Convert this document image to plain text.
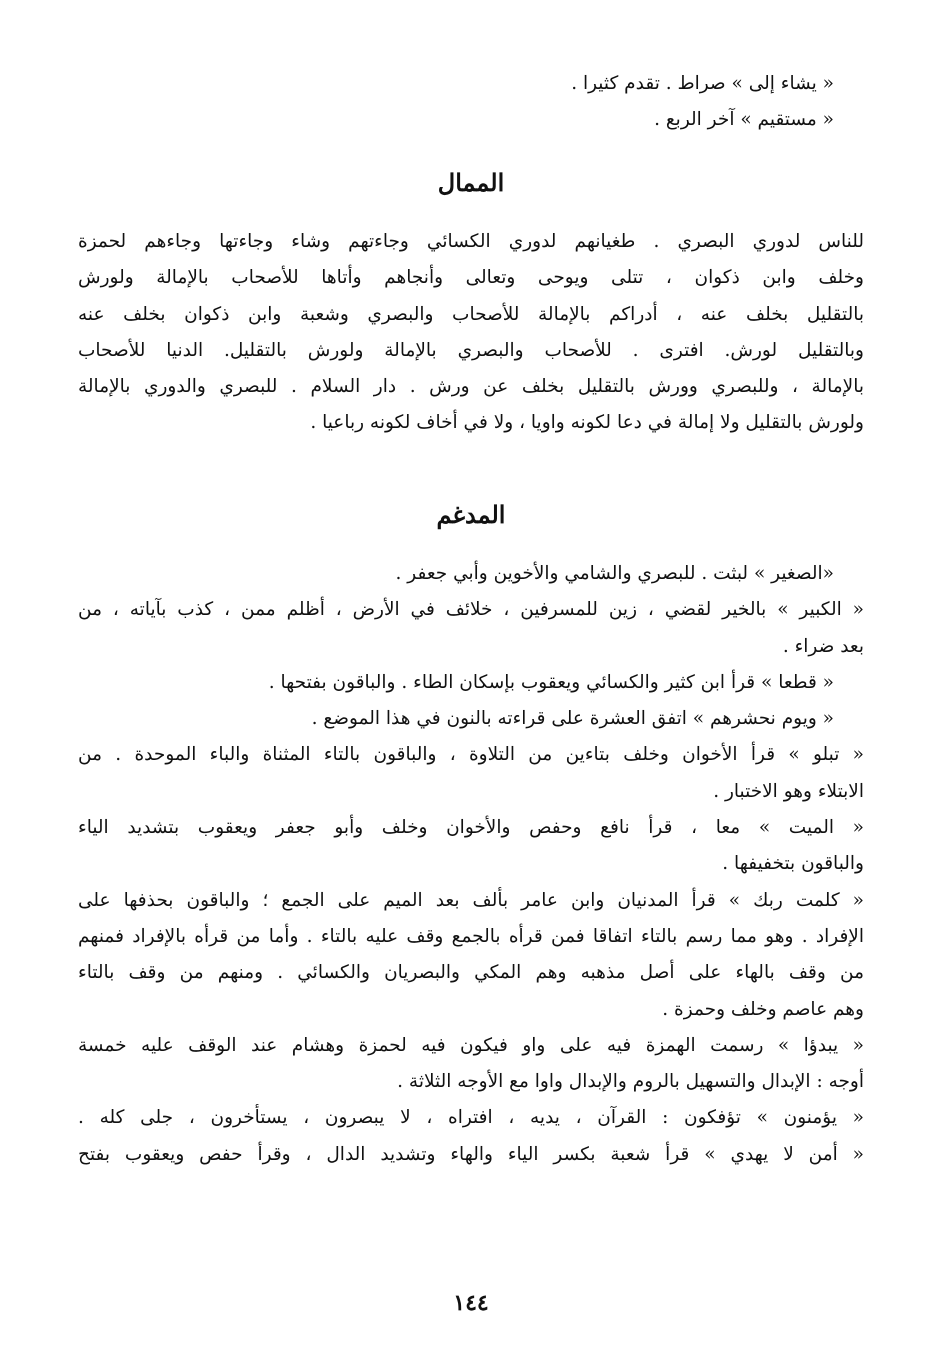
« يشاء إلى » صراط . تقدم كثيرا .
« مستقيم » آخر الربع .
الممال
للناس لدوري البصري . طغيانهم لدوري الكسائي وجاءتهم وشاء وجاءتها وجاءهم لحمزة
وخلف وابن ذكوان ، تتلى ويوحى وتعالى وأنجاهم وأتاها للأصحاب بالإمالة ولورش
بالتقليل بخلف عنه ، أدراكم بالإمالة للأصحاب والبصري وشعبة وابن ذكوان بخلف عنه
وبالتقليل لورش. افترى . للأصحاب والبصري بالإمالة ولورش بالتقليل. الدنيا للأصحاب
بالإمالة ، وللبصري وورش بالتقليل بخلف عن ورش . دار السلام . للبصري والدوري بالإمالة
ولورش بالتقليل ولا إمالة في دعا لكونه واويا ، ولا في أخاف لكونه رباعيا .
المدغم
«الصغير » لبثت . للبصري والشامي والأخوين وأبي جعفر .
« الكبير » بالخير لقضي ، زين للمسرفين ، خلائف في الأرض ، أظلم ممن ، كذب بآياته ، من
بعد ضراء .
« قطعا » قرأ ابن كثير والكسائي ويعقوب بإسكان الطاء . والباقون بفتحها .
« ويوم نحشرهم » اتفق العشرة على قراءته بالنون في هذا الموضع .
« تبلو » قرأ الأخوان وخلف بتاءين من التلاوة ، والباقون بالتاء المثناة والباء الموحدة . من
الابتلاء وهو الاختبار .
« الميت » معا ، قرأ نافع وحفص والأخوان وخلف وأبو جعفر ويعقوب بتشديد الياء
والباقون بتخفيفها .
« كلمت ربك » قرأ المدنيان وابن عامر بألف بعد الميم على الجمع ؛ والباقون بحذفها على
الإفراد . وهو مما رسم بالتاء اتفاقا فمن قرأه بالجمع وقف عليه بالتاء . وأما من قرأه بالإفراد فمنهم
من وقف بالهاء على أصل مذهبه وهم المكي والبصريان والكسائي . ومنهم من وقف بالتاء
وهم عاصم وخلف وحمزة .
« يبدؤا » رسمت الهمزة فيه على واو فيكون فيه لحمزة وهشام عند الوقف عليه خمسة
أوجه : الإبدال والتسهيل بالروم والإبدال واوا مع الأوجه الثلاثة .
« يؤمنون » تؤفكون : القرآن ، يديه ، افتراه ، لا يبصرون ، يستأخرون ، جلى كله .
« أمن لا يهدي » قرأ شعبة بكسر الياء والهاء وتشديد الدال ، وقرأ حفص ويعقوب بفتح
١٤٤
